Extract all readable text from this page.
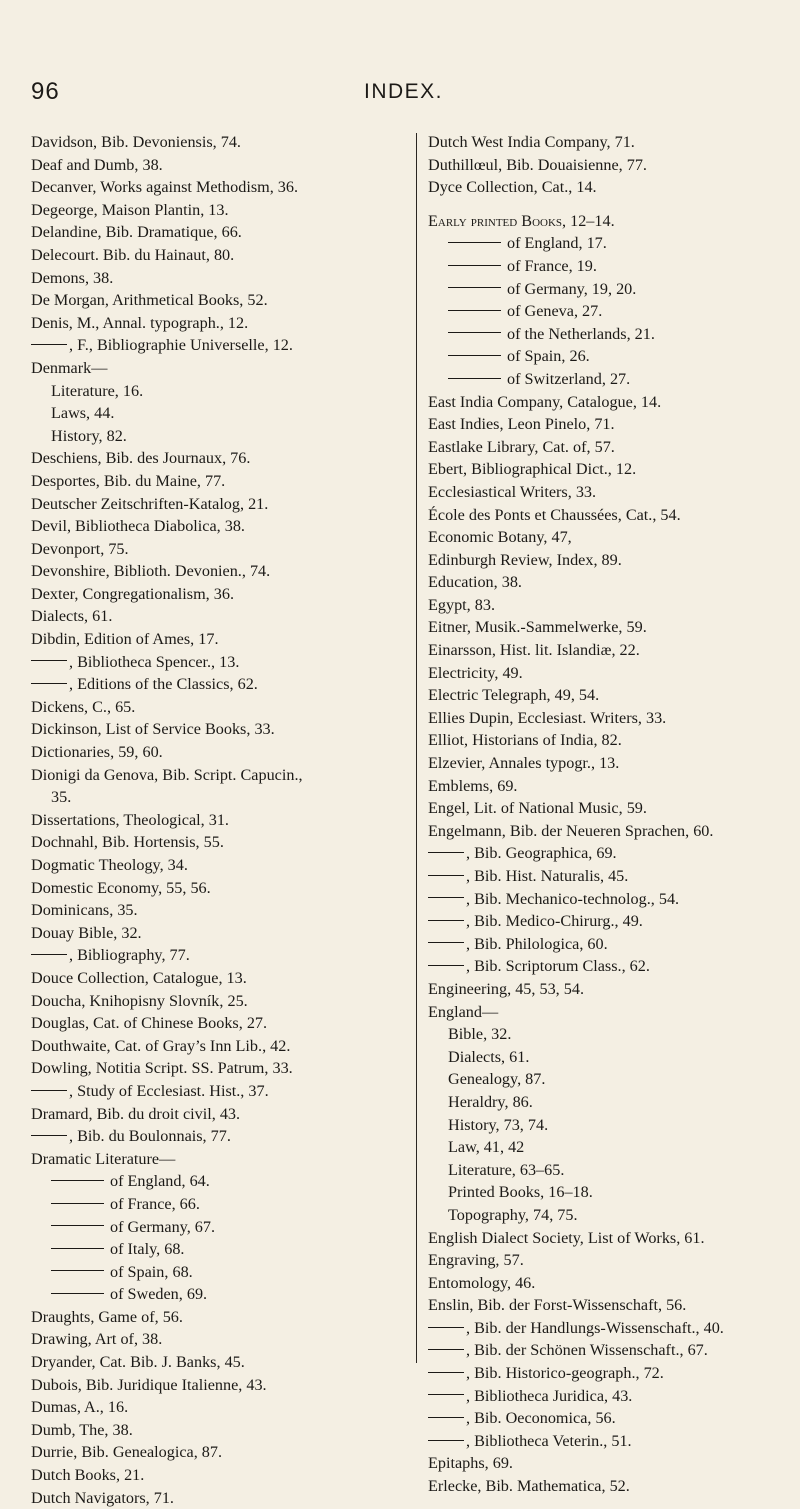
96	INDEX.
Davidson, Bib. Devoniensis, 74.
Deaf and Dumb, 38.
Decanver, Works against Methodism, 36.
Degeorge, Maison Plantin, 13.
Delandine, Bib. Dramatique, 66.
Delecourt. Bib. du Hainaut, 80.
Demons, 38.
De Morgan, Arithmetical Books, 52.
Denis, M., Annal. typograph., 12.
, F., Bibliographie Universelle, 12.
Denmark—
Literature, 16.
Laws, 44.
History, 82.
Deschiens, Bib. des Journaux, 76.
Desportes, Bib. du Maine, 77.
Deutscher Zeitschriften-Katalog, 21.
Devil, Bibliotheca Diabolica, 38.
Devonport, 75.
Devonshire, Biblioth. Devonien., 74.
Dexter, Congregationalism, 36.
Dialects, 61.
Dibdin, Edition of Ames, 17.
, Bibliotheca Spencer., 13.
, Editions of the Classics, 62.
Dickens, C., 65.
Dickinson, List of Service Books, 33.
Dictionaries, 59, 60.
Dionigi da Genova, Bib. Script. Capucin.,
35.
Dissertations, Theological, 31.
Dochnahl, Bib. Hortensis, 55.
Dogmatic Theology, 34.
Domestic Economy, 55, 56.
Dominicans, 35.
Douay Bible, 32.
, Bibliography, 77.
Douce Collection, Catalogue, 13.
Doucha, Knihopisny Slovník, 25.
Douglas, Cat. of Chinese Books, 27.
Douthwaite, Cat. of Gray’s Inn Lib., 42.
Dowling, Notitia Script. SS. Patrum, 33.
, Study of Ecclesiast. Hist., 37.
Dramard, Bib. du droit civil, 43.
, Bib. du Boulonnais, 77.
Dramatic Literature—
of England, 64.
of France, 66.
of Germany, 67.
of Italy, 68.
of Spain, 68.
of Sweden, 69.
Draughts, Game of, 56.
Drawing, Art of, 38.
Dryander, Cat. Bib. J. Banks, 45.
Dubois, Bib. Juridique Italienne, 43.
Dumas, A., 16.
Dumb, The, 38.
Durrie, Bib. Genealogica, 87.
Dutch Books, 21.
Dutch Navigators, 71.
Dutch West India Company, 71.
Duthillœul, Bib. Douaisienne, 77.
Dyce Collection, Cat., 14.
Early printed Books, 12–14.
of England, 17.
of France, 19.
of Germany, 19, 20.
of Geneva, 27.
of the Netherlands, 21.
of Spain, 26.
of Switzerland, 27.
East India Company, Catalogue, 14.
East Indies, Leon Pinelo, 71.
Eastlake Library, Cat. of, 57.
Ebert, Bibliographical Dict., 12.
Ecclesiastical Writers, 33.
École des Ponts et Chaussées, Cat., 54.
Economic Botany, 47,
Edinburgh Review, Index, 89.
Education, 38.
Egypt, 83.
Eitner, Musik.-Sammelwerke, 59.
Einarsson, Hist. lit. Islandiæ, 22.
Electricity, 49.
Electric Telegraph, 49, 54.
Ellies Dupin, Ecclesiast. Writers, 33.
Elliot, Historians of India, 82.
Elzevier, Annales typogr., 13.
Emblems, 69.
Engel, Lit. of National Music, 59.
Engelmann, Bib. der Neueren Sprachen, 60.
, Bib. Geographica, 69.
, Bib. Hist. Naturalis, 45.
, Bib. Mechanico-technolog., 54.
, Bib. Medico-Chirurg., 49.
, Bib. Philologica, 60.
, Bib. Scriptorum Class., 62.
Engineering, 45, 53, 54.
England—
Bible, 32.
Dialects, 61.
Genealogy, 87.
Heraldry, 86.
History, 73, 74.
Law, 41, 42
Literature, 63–65.
Printed Books, 16–18.
Topography, 74, 75.
English Dialect Society, List of Works, 61.
Engraving, 57.
Entomology, 46.
Enslin, Bib. der Forst-Wissenschaft, 56.
, Bib. der Handlungs-Wissenschaft., 40.
, Bib. der Schönen Wissenschaft., 67.
, Bib. Historico-geograph., 72.
, Bibliotheca Juridica, 43.
, Bib. Oeconomica, 56.
, Bibliotheca Veterin., 51.
Epitaphs, 69.
Erlecke, Bib. Mathematica, 52.
